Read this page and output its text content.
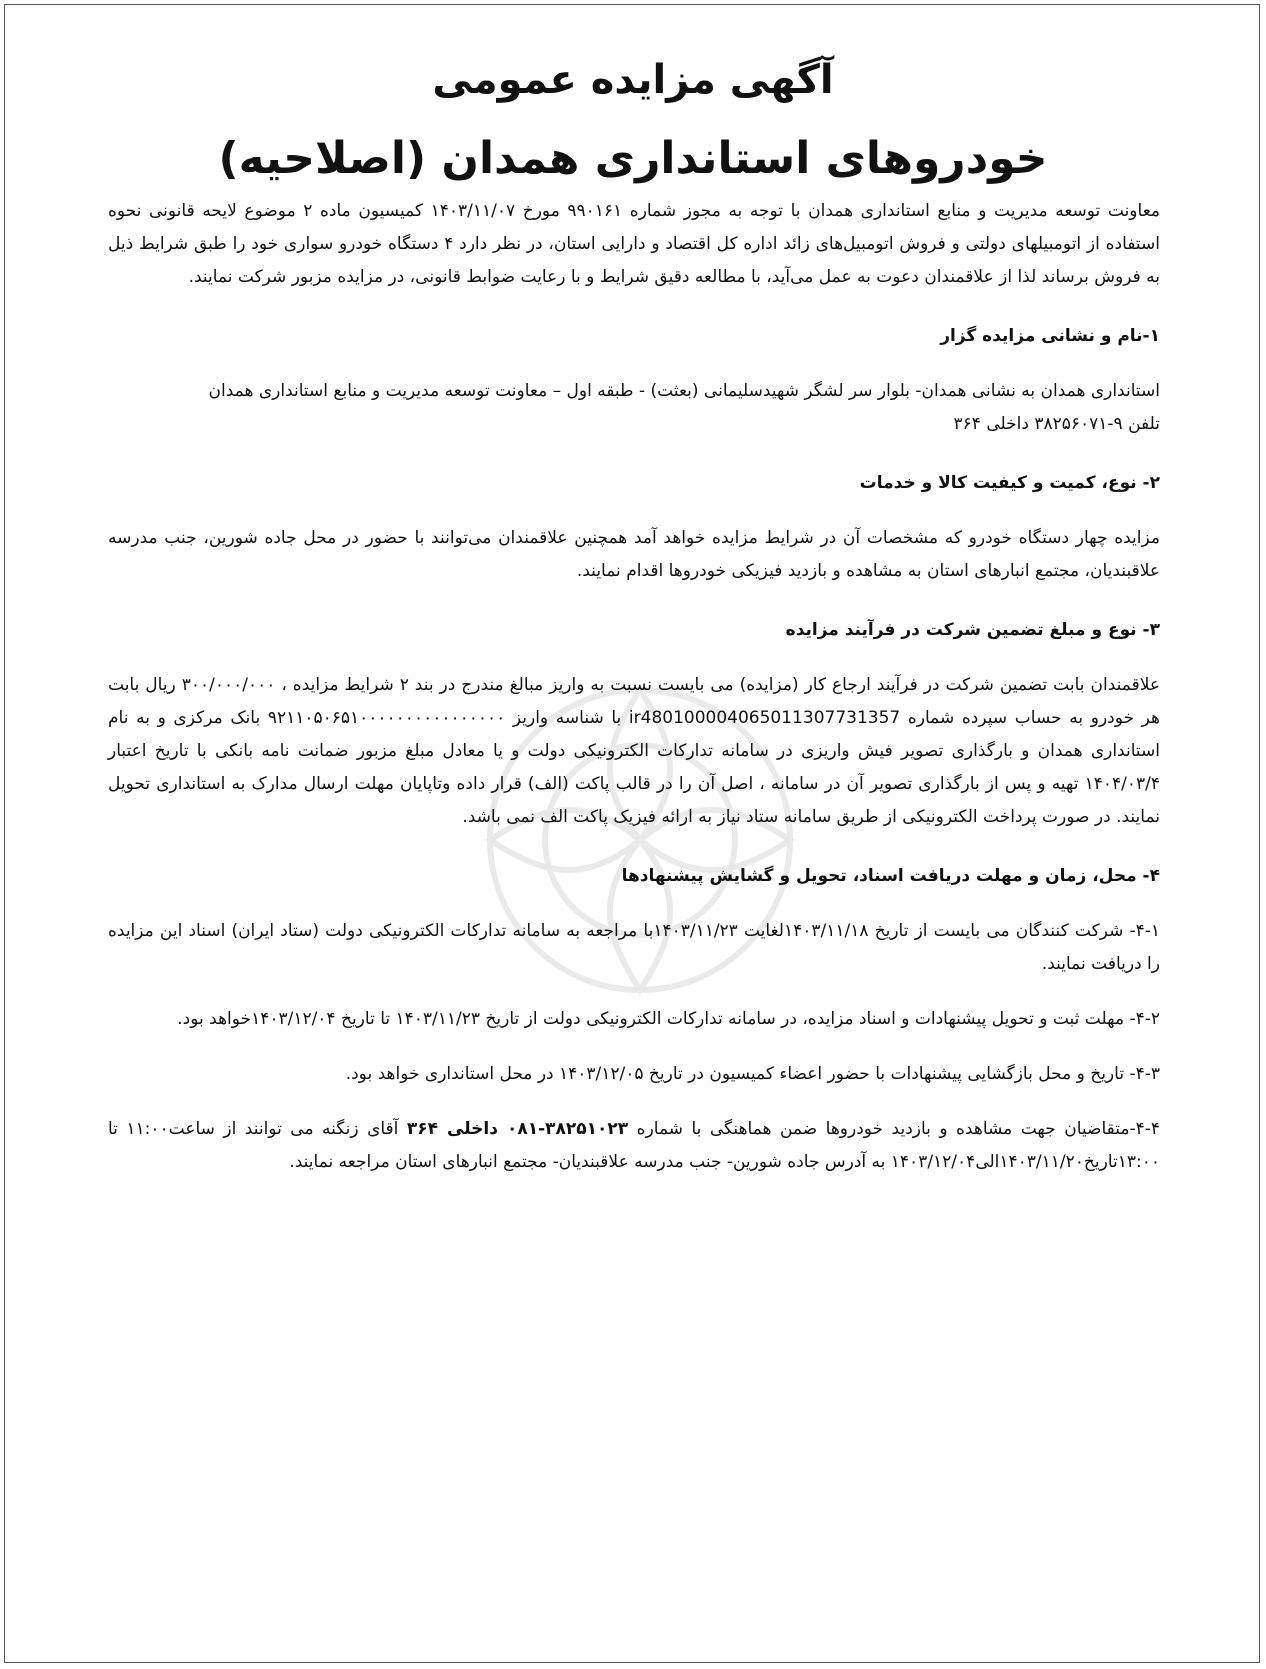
آگهی مزایده عمومی
خودروهای استانداری همدان (اصلاحیه)

معاونت توسعه مدیریت و منابع استانداری همدان با توجه به مجوز شماره ۹۹۰۱۶۱ مورخ ۱۴۰۳/۱۱/۰۷ کمیسیون ماده ۲ موضوع لایحه قانونی نحوه استفاده از اتومبیلهای دولتی و فروش اتومبیل‌های زائد اداره کل اقتصاد و دارایی استان، در نظر دارد ۴ دستگاه خودرو سواری خود را طبق شرایط ذیل به فروش برساند لذا از علاقمندان دعوت به عمل می‌آید، با مطالعه دقیق شرایط و با رعایت ضوابط قانونی، در مزایده مزبور شرکت نمایند.

۱-نام و نشانی مزایده گزار

استانداری همدان به نشانی همدان- بلوار سر لشگر شهیدسلیمانی (بعثت) - طبقه اول – معاونت توسعه مدیریت و منابع استانداری همدان

تلفن ۹-۳۸۲۵۶۰۷۱ داخلی ۳۶۴

۲- نوع، کمیت و کیفیت کالا و خدمات

مزایده چهار دستگاه خودرو که مشخصات آن در شرایط مزایده خواهد آمد همچنین علاقمندان می‌توانند با حضور در محل جاده شورین، جنب مدرسه علاقبندیان، مجتمع انبارهای استان به مشاهده و بازدید فیزیکی خودروها اقدام نمایند.

۳- نوع و مبلغ تضمین شرکت در فرآیند مزایده

علاقمندان بابت تضمین شرکت در فرآیند ارجاع کار (مزایده) می بایست نسبت به واریز مبالغ مندرج در بند ۲ شرایط مزایده ، ۳۰۰/۰۰۰/۰۰۰ ریال بابت هر خودرو به حساب سپرده شماره ir480100004065011307731357 با شناسه واریز ۹۲۱۱۰۵۰۶۵۱۰۰۰۰۰۰۰۰۰۰۰۰۰۰۰۰ بانک مرکزی و به نام استانداری همدان و بارگذاری تصویر فیش واریزی در سامانه تدارکات الکترونیکی دولت و یا معادل مبلغ مزبور ضمانت نامه بانکی با تاریخ اعتبار ۱۴۰۴/۰۳/۴ تهیه و پس از بارگذاری تصویر آن در سامانه ، اصل آن را در قالب پاکت (الف) قرار داده وتاپایان مهلت ارسال مدارک به استانداری تحویل نمایند. در صورت پرداخت الکترونیکی از طریق سامانه ستاد نیاز به ارائه فیزیک پاکت الف نمی باشد.

۴- محل، زمان و مهلت دریافت اسناد، تحویل و گشایش پیشنهادها

۴-۱- شرکت کنندگان می بایست از تاریخ ۱۴۰۳/۱۱/۱۸لغایت ۱۴۰۳/۱۱/۲۳با مراجعه به سامانه تدارکات الکترونیکی دولت (ستاد ایران) اسناد این مزایده را دریافت نمایند.

۴-۲- مهلت ثبت و تحویل پیشنهادات و اسناد مزایده، در سامانه تدارکات الکترونیکی دولت از تاریخ ۱۴۰۳/۱۱/۲۳ تا تاریخ ۱۴۰۳/۱۲/۰۴خواهد بود.

۴-۳- تاریخ و محل بازگشایی پیشنهادات با حضور اعضاء کمیسیون در تاریخ ۱۴۰۳/۱۲/۰۵ در محل استانداری خواهد بود.

۴-۴-متقاضیان جهت مشاهده و بازدید خودروها ضمن هماهنگی با شماره ۳۸۲۵۱۰۲۳-۰۸۱ داخلی ۳۶۴ آقای زنگنه می توانند از ساعت۱۱:۰۰ تا ۱۳:۰۰تاریخ۱۴۰۳/۱۱/۲۰الی۱۴۰۳/۱۲/۰۴ به آدرس جاده شورین- جنب مدرسه علاقبندیان- مجتمع انبارهای استان مراجعه نمایند.
